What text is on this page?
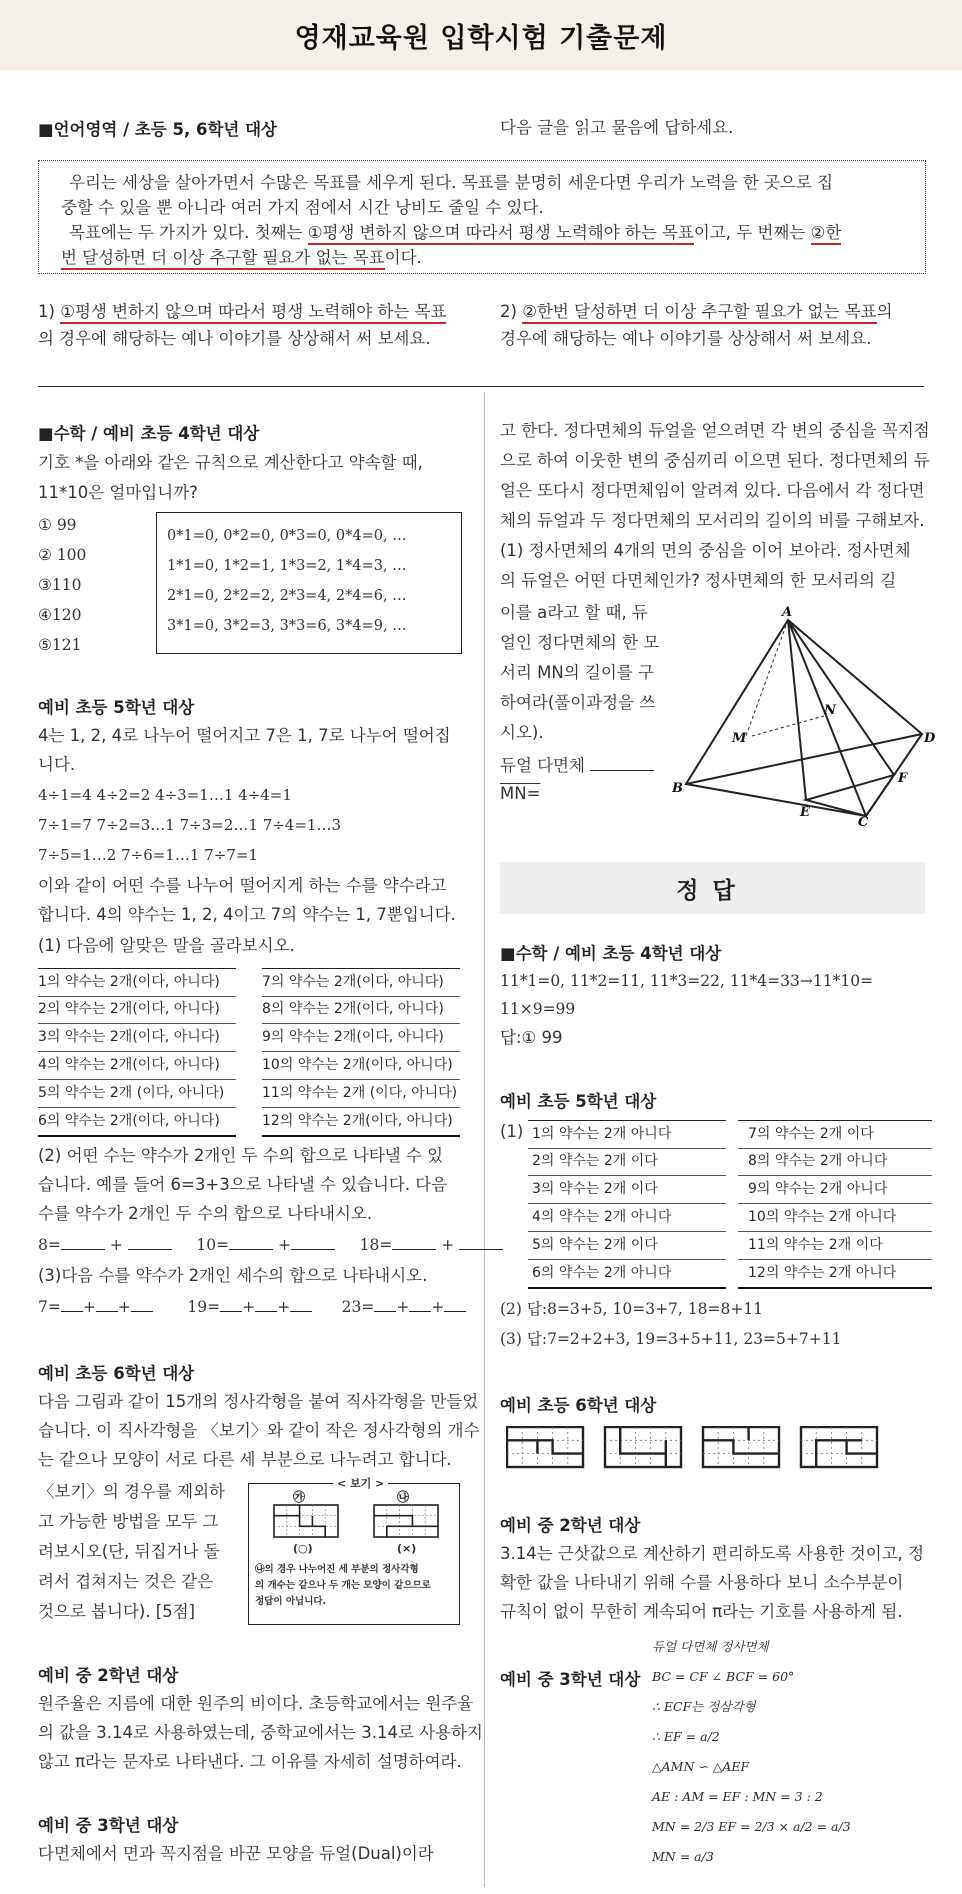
영재교육원 입학시험 기출문제
■언어영역 / 초등 5, 6학년 대상	다음 글을 읽고 물음에 답하세요.
우리는 세상을 살아가면서 수많은 목표를 세우게 된다. 목표를 분명히 세운다면 우리가 노력을 한 곳으로 집
중할 수 있을 뿐 아니라 여러 가지 점에서 시간 낭비도 줄일 수 있다.
목표에는 두 가지가 있다. 첫째는 ①평생 변하지 않으며 따라서 평생 노력해야 하는 목표이고, 두 번째는 ②한
번 달성하면 더 이상 추구할 필요가 없는 목표이다.
1) ①평생 변하지 않으며 따라서 평생 노력해야 하는 목표
의 경우에 해당하는 예나 이야기를 상상해서 써 보세요.
2) ②한번 달성하면 더 이상 추구할 필요가 없는 목표의
경우에 해당하는 예나 이야기를 상상해서 써 보세요.
■수학 / 예비 초등 4학년 대상
기호 *을 아래와 같은 규칙으로 계산한다고 약속할 때,
11*10은 얼마입니까?
① 99
② 100
③110
④120
⑤121
0*1=0, 0*2=0, 0*3=0, 0*4=0, …
1*1=0, 1*2=1, 1*3=2, 1*4=3, …
2*1=0, 2*2=2, 2*3=4, 2*4=6, …
3*1=0, 3*2=3, 3*3=6, 3*4=9, …
예비 초등 5학년 대상
4는 1, 2, 4로 나누어 떨어지고 7은 1, 7로 나누어 떨어집
니다.
4÷1=4 4÷2=2 4÷3=1…1 4÷4=1
7÷1=7 7÷2=3…1 7÷3=2…1 7÷4=1…3
7÷5=1…2 7÷6=1…1 7÷7=1
이와 같이 어떤 수를 나누어 떨어지게 하는 수를 약수라고
합니다. 4의 약수는 1, 2, 4이고 7의 약수는 1, 7뿐입니다.
(1) 다음에 알맞은 말을 골라보시오.
1의 약수는 2개(이다, 아니다)
2의 약수는 2개(이다, 아니다)
3의 약수는 2개(이다, 아니다)
4의 약수는 2개(이다, 아니다)
5의 약수는 2개 (이다, 아니다)
6의 약수는 2개(이다, 아니다)
7의 약수는 2개(이다, 아니다)
8의 약수는 2개(이다, 아니다)
9의 약수는 2개(이다, 아니다)
10의 약수는 2개(이다, 아니다)
11의 약수는 2개 (이다, 아니다)
12의 약수는 2개(이다, 아니다)
(2) 어떤 수는 약수가 2개인 두 수의 합으로 나타낼 수 있
습니다. 예를 들어 6=3+3으로 나타낼 수 있습니다. 다음
수를 약수가 2개인 두 수의 합으로 나타내시오.
8=	+	10=	+	18=	+
(3)다음 수를 약수가 2개인 세수의 합으로 나타내시오.
7= + +	19= + +	23= + +
예비 초등 6학년 대상
다음 그림과 같이 15개의 정사각형을 붙여 직사각형을 만들었
습니다. 이 직사각형을 〈보기〉와 같이 작은 정사각형의 개수
는 같으나 모양이 서로 다른 세 부분으로 나누려고 합니다.
〈보기〉의 경우를 제외하
고 가능한 방법을 모두 그
려보시오(단, 뒤집거나 돌
려서 겹쳐지는 것은 같은
것으로 봅니다). [5점]
< 보기 >
㉮	㉯
(○)	(×)
㉯의 경우 나누어진 세 부분의 정사각형
의 개수는 같으나 두 개는 모양이 같으므로
정답이 아닙니다.
예비 중 2학년 대상
원주율은 지름에 대한 원주의 비이다. 초등학교에서는 원주율
의 값을 3.14로 사용하였는데, 중학교에서는 3.14로 사용하지
않고 π라는 문자로 나타낸다. 그 이유를 자세히 설명하여라.
예비 중 3학년 대상
다면체에서 면과 꼭지점을 바꾼 모양을 듀얼(Dual)이라
고 한다. 정다면체의 듀얼을 얻으려면 각 변의 중심을 꼭지점
으로 하여 이웃한 변의 중심끼리 이으면 된다. 정다면체의 듀
얼은 또다시 정다면체임이 알려져 있다. 다음에서 각 정다면
체의 듀얼과 두 정다면체의 모서리의 길이의 비를 구해보자.
(1) 정사면체의 4개의 면의 중심을 이어 보아라. 정사면체
의 듀얼은 어떤 다면체인가? 정사면체의 한 모서리의 길
이를 a라고 할 때, 듀
얼인 정다면체의 한 모
서리 MN의 길이를 구
하여라(풀이과정을 쓰
시오).
듀얼 다면체
MN=
A
M
N
B
E
F
C
D
정답
■수학 / 예비 초등 4학년 대상
11*1=0, 11*2=11, 11*3=22, 11*4=33→11*10=
11×9=99
답:① 99
예비 초등 5학년 대상
(1) 1의 약수는 2개 아니다
2의 약수는 2개 이다
3의 약수는 2개 이다
4의 약수는 2개 아니다
5의 약수는 2개 이다
6의 약수는 2개 아니다
7의 약수는 2개 이다
8의 약수는 2개 아니다
9의 약수는 2개 아니다
10의 약수는 2개 아니다
11의 약수는 2개 이다
12의 약수는 2개 아니다
(2) 답:8=3+5, 10=3+7, 18=8+11
(3) 답:7=2+2+3, 19=3+5+11, 23=5+7+11
예비 초등 6학년 대상
예비 중 2학년 대상
3.14는 근삿값으로 계산하기 편리하도록 사용한 것이고, 정
확한 값을 나타내기 위해 수를 사용하다 보니 소수부분이
규칙이 없이 무한히 계속되어 π라는 기호를 사용하게 됨.
예비 중 3학년 대상
듀얼 다면체 정사면체
BC = CF ∠ BCF = 60°
∴ ECF는 정삼각형
∴ EF = a/2
△AMN ∽ △AEF
AE : AM = EF : MN = 3 : 2
MN = 2/3 EF = 2/3 × a/2 = a/3
MN = a/3
